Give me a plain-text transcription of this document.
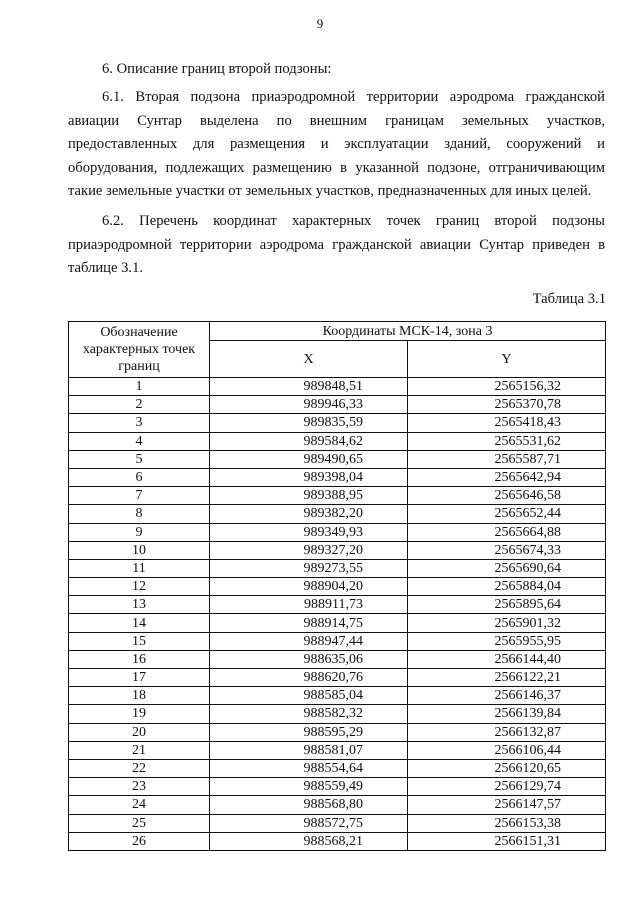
9

6. Описание границ второй подзоны:

6.1. Вторая подзона приаэродромной территории аэродрома гражданской авиации Сунтар выделена по внешним границам земельных участков, предоставленных для размещения и эксплуатации зданий, сооружений и оборудования, подлежащих размещению в указанной подзоне, отграничивающим такие земельные участки от земельных участков, предназначенных для иных целей.

6.2. Перечень координат характерных точек границ второй подзоны приаэродромной территории аэродрома гражданской авиации Сунтар приведен в таблице 3.1.

Таблица 3.1
Обозначение характерных точек границ	Координаты МСК-14, зона 3	
	X	Y
1	989848,51	2565156,32
2	989946,33	2565370,78
3	989835,59	2565418,43
4	989584,62	2565531,62
5	989490,65	2565587,71
6	989398,04	2565642,94
7	989388,95	2565646,58
8	989382,20	2565652,44
9	989349,93	2565664,88
10	989327,20	2565674,33
11	989273,55	2565690,64
12	988904,20	2565884,04
13	988911,73	2565895,64
14	988914,75	2565901,32
15	988947,44	2565955,95
16	988635,06	2566144,40
17	988620,76	2566122,21
18	988585,04	2566146,37
19	988582,32	2566139,84
20	988595,29	2566132,87
21	988581,07	2566106,44
22	988554,64	2566120,65
23	988559,49	2566129,74
24	988568,80	2566147,57
25	988572,75	2566153,38
26	988568,21	2566151,31
